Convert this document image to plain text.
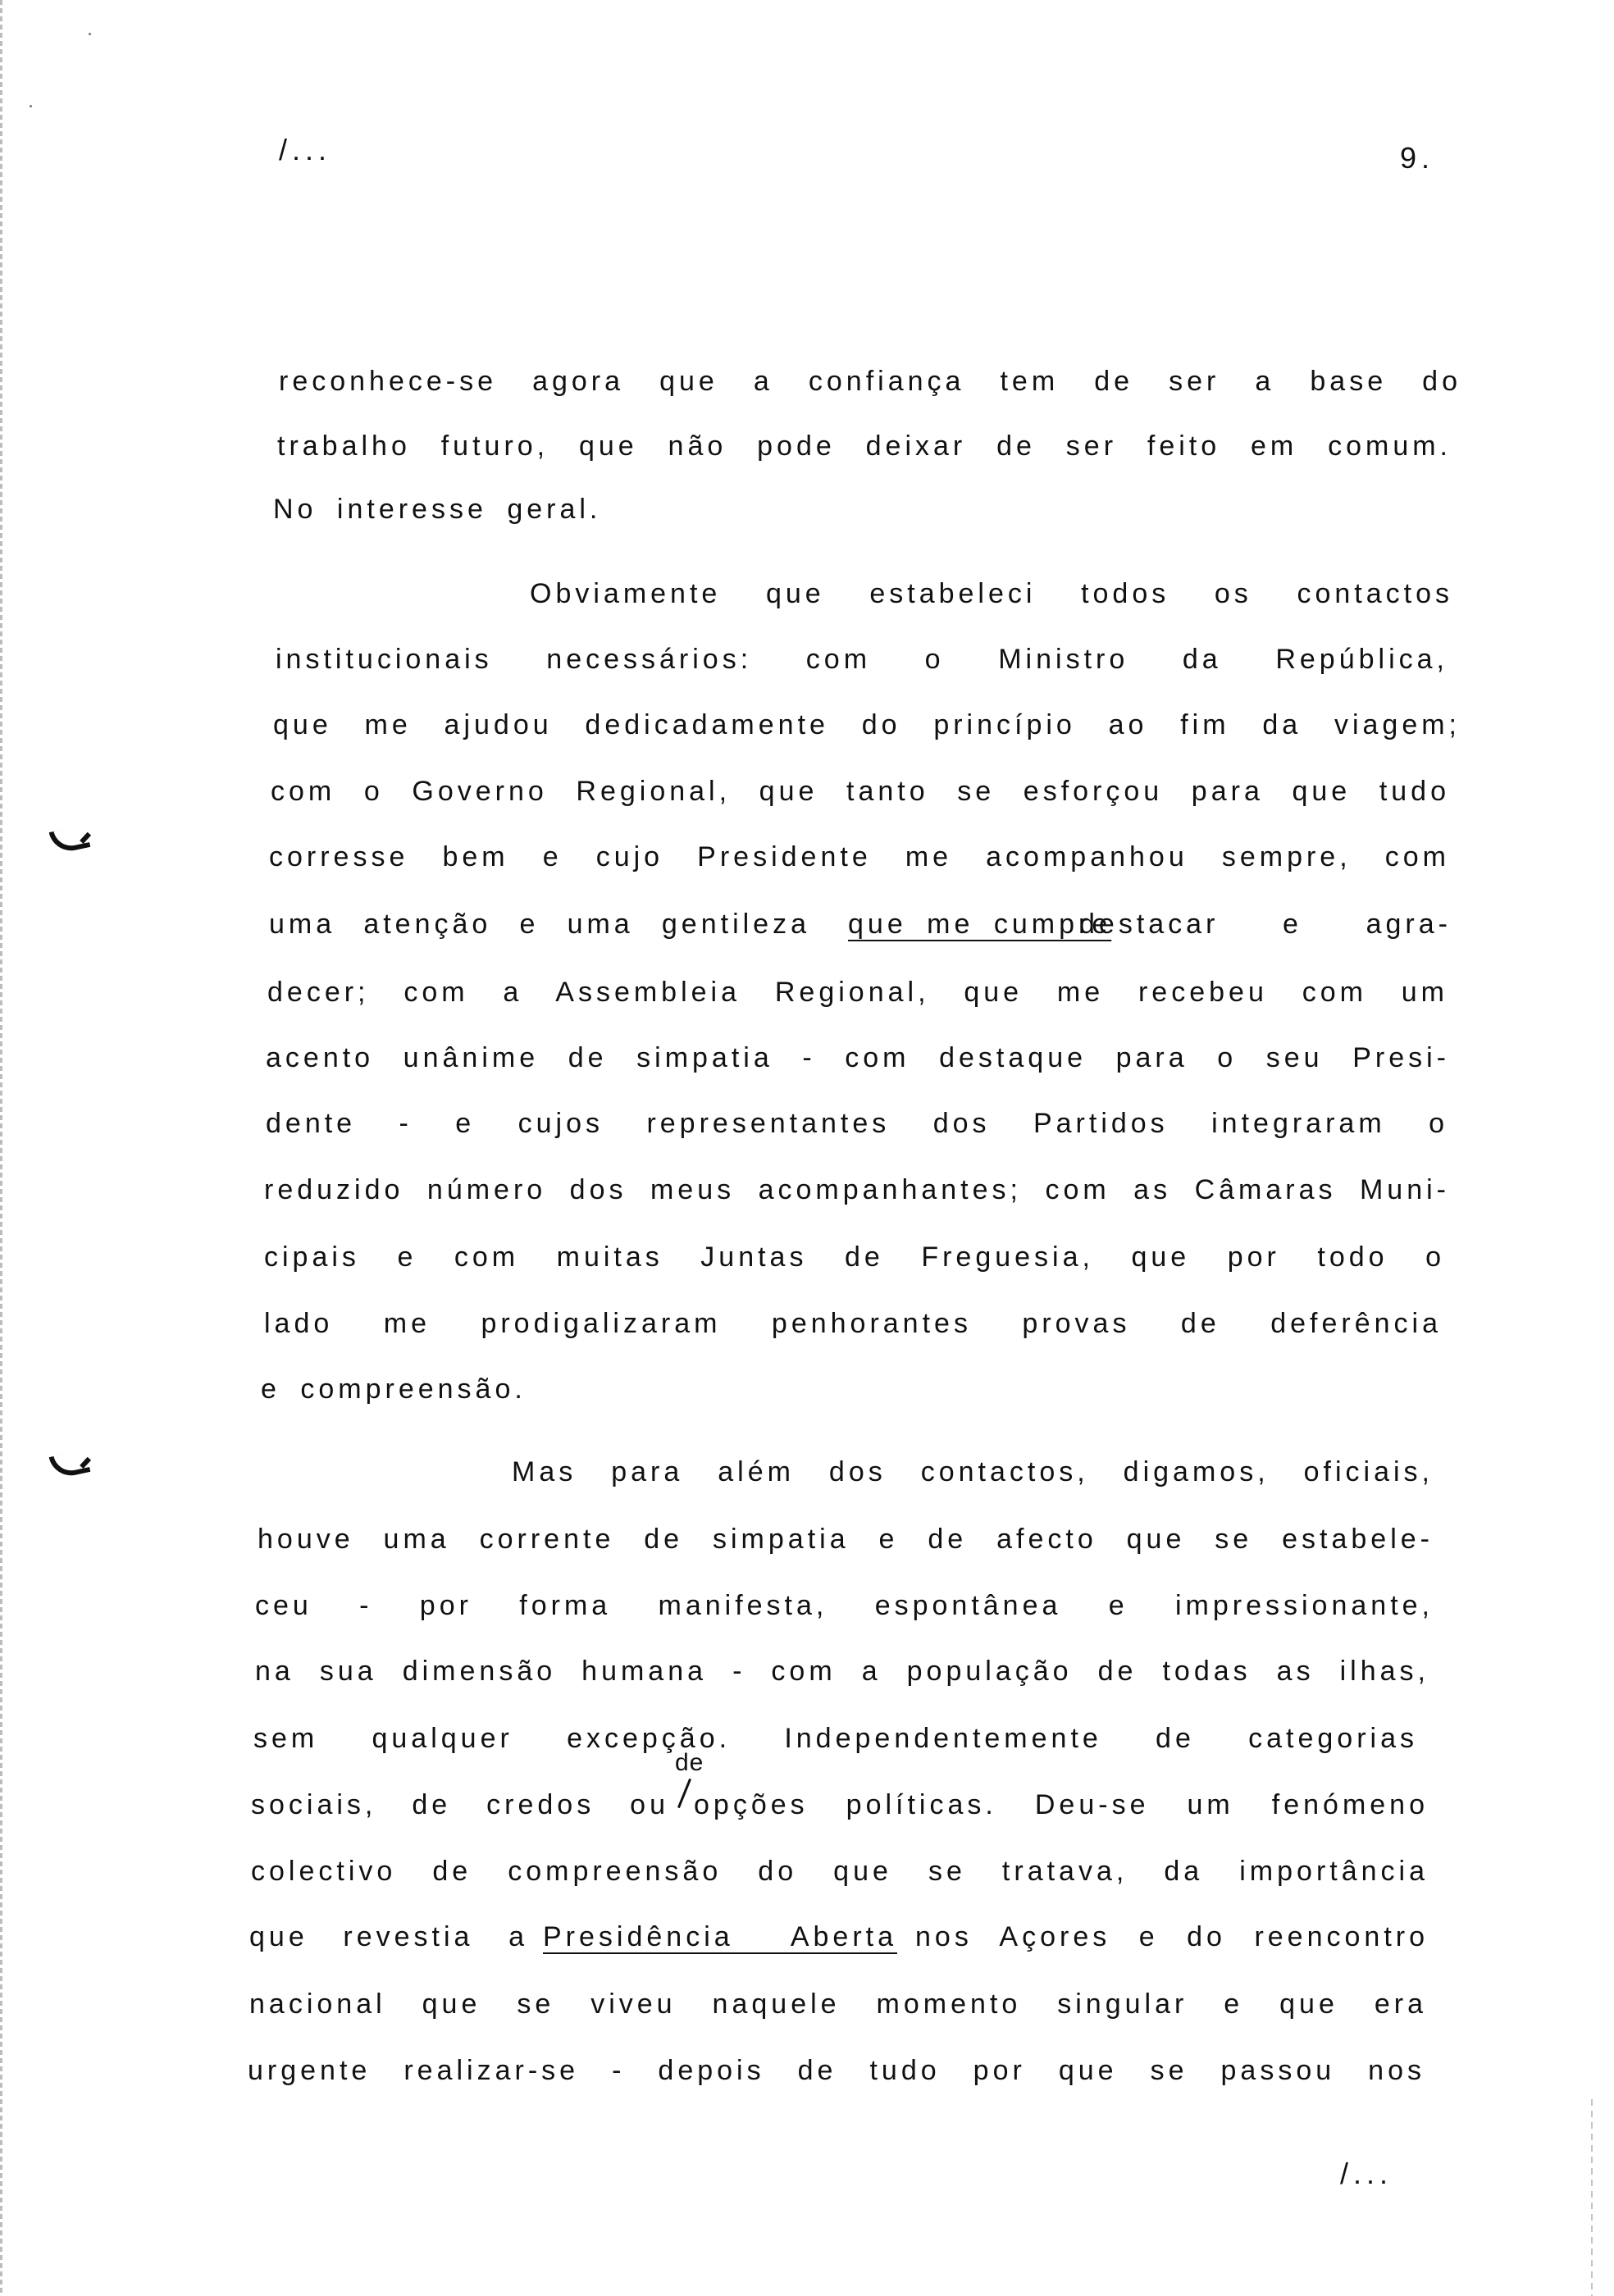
/...	9.
reconhece-se agora que a confiança tem de ser a base do
trabalho futuro, que não pode deixar de ser feito em comum.
No interesse geral.
Obviamente que estabeleci todos os contactos
institucionais necessários: com o Ministro da República,
que me ajudou dedicadamente do princípio ao fim da viagem;
com o Governo Regional, que tanto se esforçou para que tudo
corresse bem e cujo Presidente me acompanhou sempre, com
uma atenção e uma gentileza que me cumpre
destacar e agra-
decer; com a Assembleia Regional, que me recebeu com um
acento unânime de simpatia - com destaque para o seu Presi-
dente - e cujos representantes dos Partidos integraram o
reduzido número dos meus acompanhantes; com as Câmaras Muni-
cipais e com muitas Juntas de Freguesia, que por todo o
lado me prodigalizaram penhorantes provas de deferência
e compreensão.
Mas para além dos contactos, digamos, oficiais,
houve uma corrente de simpatia e de afecto que se estabele-
ceu - por forma manifesta, espontânea e impressionante,
na sua dimensão humana - com a população de todas as ilhas,
sem qualquer excepção. Independentemente de categorias
sociais, de credos ou
de
opções políticas. Deu-se um fenómeno
colectivo de compreensão do que se tratava, da importância
que revestia a Presidência Aberta nos Açores e do reencontro
nacional que se viveu naquele momento singular e que era
urgente realizar-se - depois de tudo por que se passou nos
/...
